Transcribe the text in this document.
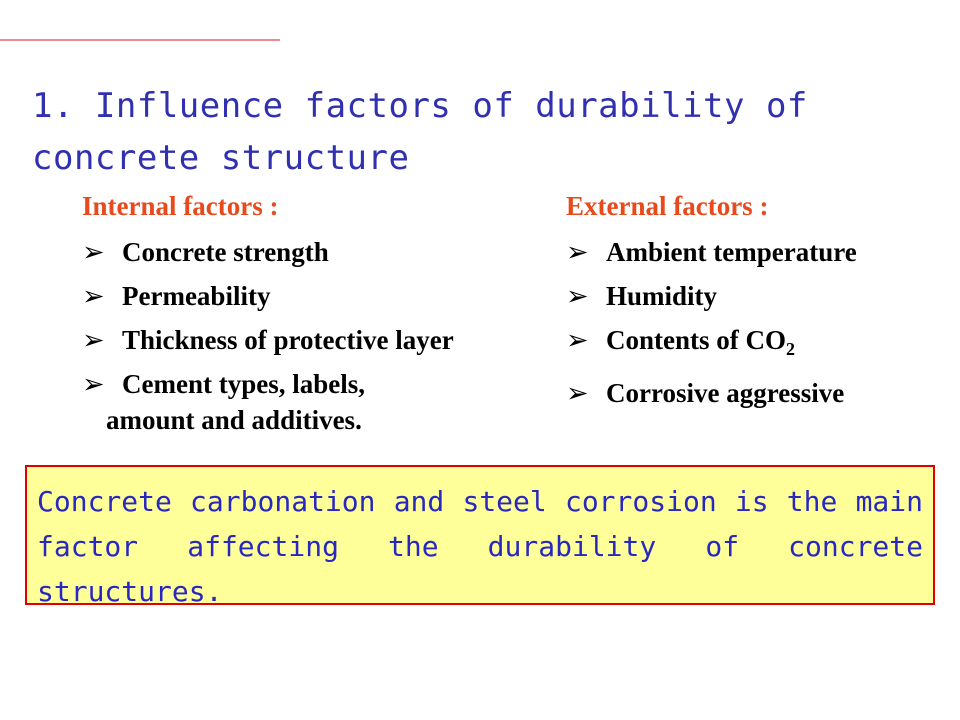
1. Influence factors of durability of concrete structure
Internal factors :
➢ Concrete strength
➢ Permeability
➢ Thickness of protective layer
➢ Cement types, labels,
amount and additives.
External factors :
➢ Ambient temperature
➢ Humidity
➢ Contents of $CO_2$
➢ Corrosive aggressive
Concrete carbonation and steel corrosion is the main factor affecting the durability of concrete structures.
